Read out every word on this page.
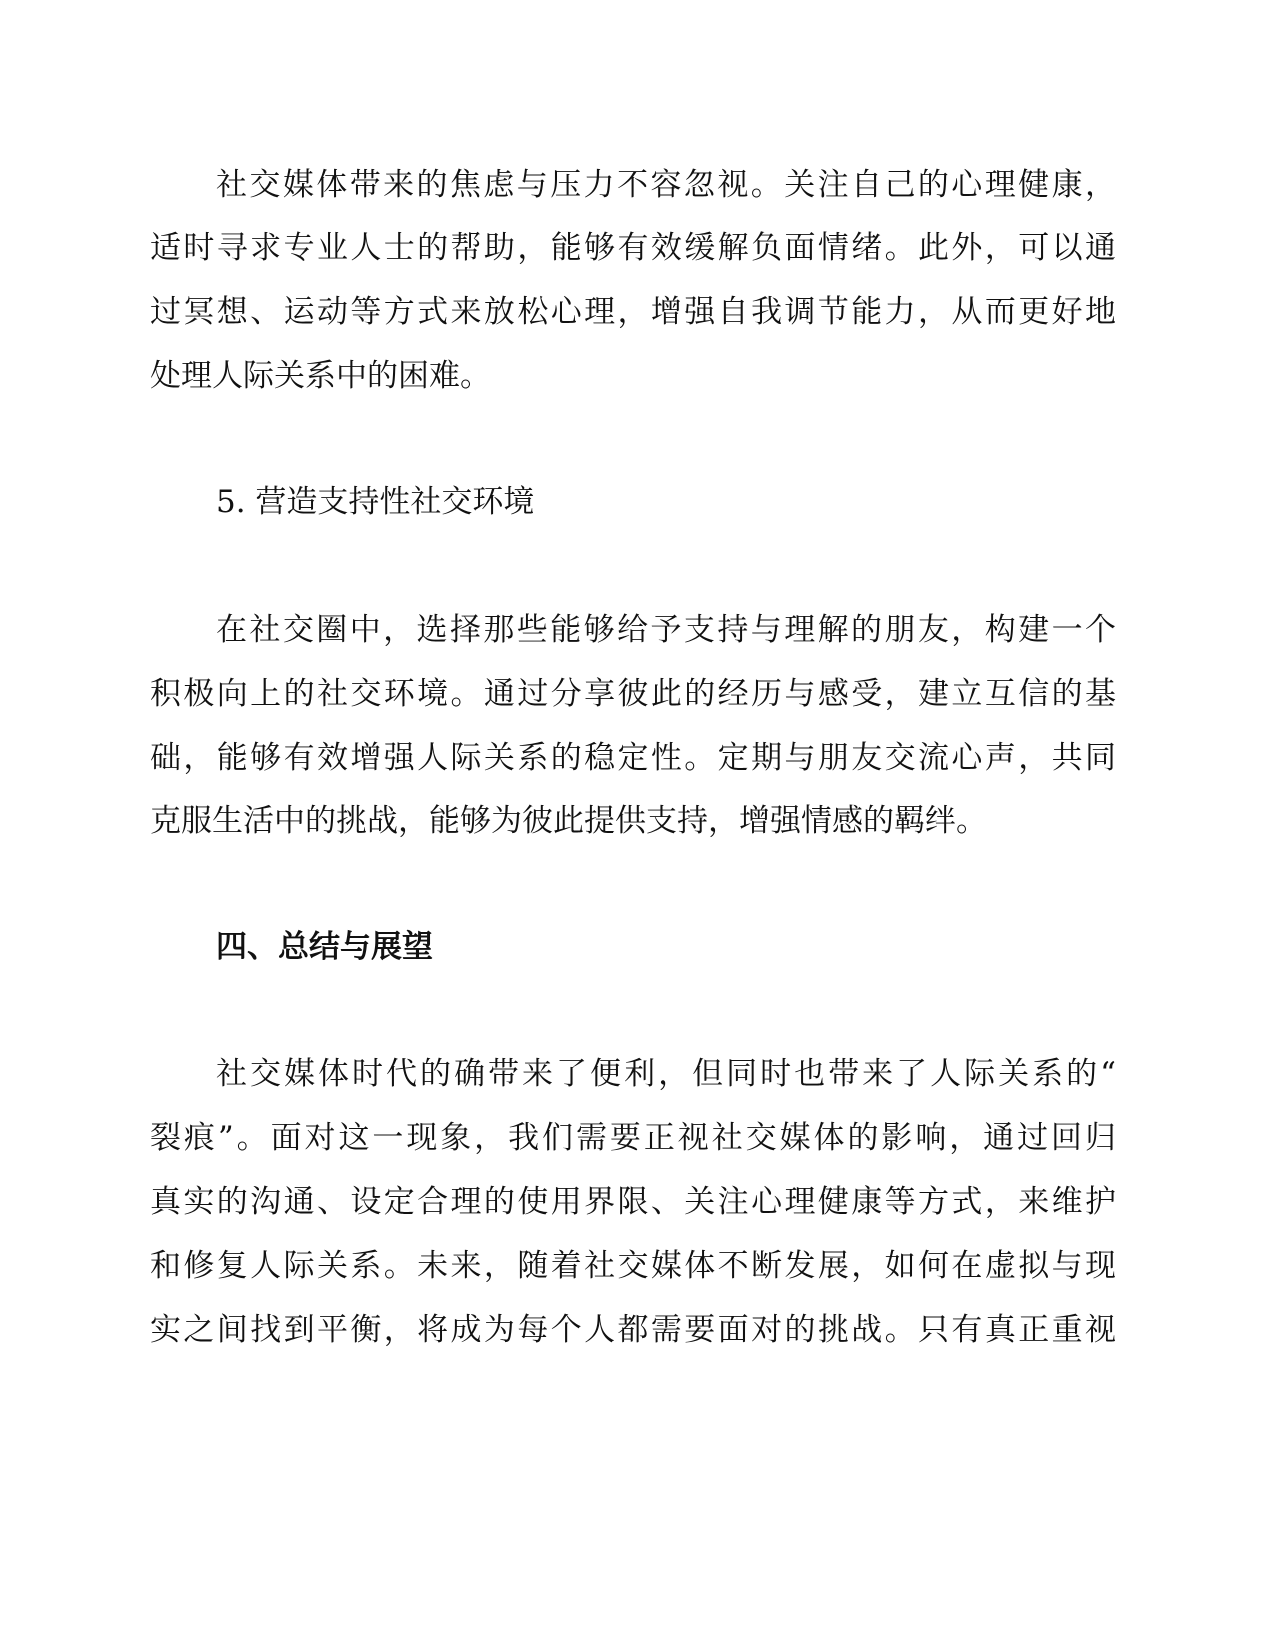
社交媒体带来的焦虑与压力不容忽视。关注自己的心理健康，
适时寻求专业人士的帮助，能够有效缓解负面情绪。此外，可以通
过冥想、运动等方式来放松心理，增强自我调节能力，从而更好地
处理人际关系中的困难。
5. 营造支持性社交环境
在社交圈中，选择那些能够给予支持与理解的朋友，构建一个
积极向上的社交环境。通过分享彼此的经历与感受，建立互信的基
础，能够有效增强人际关系的稳定性。定期与朋友交流心声，共同
克服生活中的挑战，能够为彼此提供支持，增强情感的羁绊。
四、总结与展望
社交媒体时代的确带来了便利，但同时也带来了人际关系的“
裂痕”。面对这一现象，我们需要正视社交媒体的影响，通过回归
真实的沟通、设定合理的使用界限、关注心理健康等方式，来维护
和修复人际关系。未来，随着社交媒体不断发展，如何在虚拟与现
实之间找到平衡，将成为每个人都需要面对的挑战。只有真正重视
